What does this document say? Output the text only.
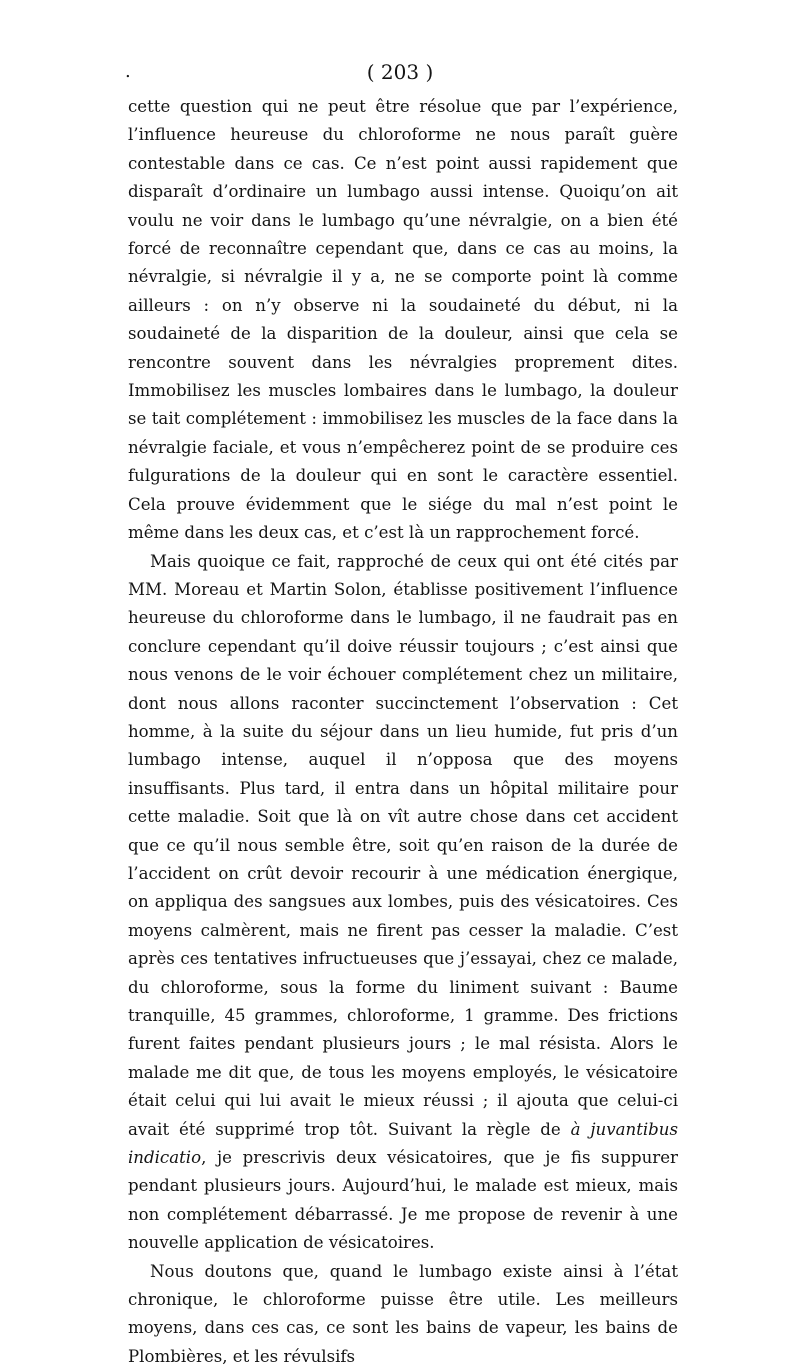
.	( 203 )

cette question qui ne peut être résolue que par l’expérience, l’influence heureuse du chloroforme ne nous paraît guère contestable dans ce cas. Ce n’est point aussi rapidement que disparaît d’ordinaire un lumbago aussi intense. Quoiqu’on ait voulu ne voir dans le lumbago qu’une névralgie, on a bien été forcé de reconnaître cependant que, dans ce cas au moins, la névralgie, si névralgie il y a, ne se comporte point là comme ailleurs : on n’y observe ni la soudaineté du début, ni la soudaineté de la disparition de la douleur, ainsi que cela se rencontre souvent dans les névralgies proprement dites. Immobilisez les muscles lombaires dans le lumbago, la douleur se tait complétement : immobilisez les muscles de la face dans la névralgie faciale, et vous n’empêcherez point de se produire ces fulgurations de la douleur qui en sont le caractère essentiel. Cela prouve évidemment que le siége du mal n’est point le même dans les deux cas, et c’est là un rapprochement forcé.

Mais quoique ce fait, rapproché de ceux qui ont été cités par MM. Moreau et Martin Solon, établisse positivement l’influence heureuse du chloroforme dans le lumbago, il ne faudrait pas en conclure cependant qu’il doive réussir toujours ; c’est ainsi que nous venons de le voir échouer complétement chez un militaire, dont nous allons raconter succinctement l’observation : Cet homme, à la suite du séjour dans un lieu humide, fut pris d’un lumbago intense, auquel il n’opposa que des moyens insuffisants. Plus tard, il entra dans un hôpital militaire pour cette maladie. Soit que là on vît autre chose dans cet accident que ce qu’il nous semble être, soit qu’en raison de la durée de l’accident on crût devoir recourir à une médication énergique, on appliqua des sangsues aux lombes, puis des vésicatoires. Ces moyens calmèrent, mais ne firent pas cesser la maladie. C’est après ces tentatives infructueuses que j’essayai, chez ce malade, du chloroforme, sous la forme du liniment suivant : Baume tranquille, 45 grammes, chloroforme, 1 gramme. Des frictions furent faites pendant plusieurs jours ; le mal résista. Alors le malade me dit que, de tous les moyens employés, le vésicatoire était celui qui lui avait le mieux réussi ; il ajouta que celui-ci avait été supprimé trop tôt. Suivant la règle de à juvantibus indicatio, je prescrivis deux vésicatoires, que je fis suppurer pendant plusieurs jours. Aujourd’hui, le malade est mieux, mais non complétement débarrassé. Je me propose de revenir à une nouvelle application de vésicatoires.

Nous doutons que, quand le lumbago existe ainsi à l’état chronique, le chloroforme puisse être utile. Les meilleurs moyens, dans ces cas, ce sont les bains de vapeur, les bains de Plombières, et les révulsifs
